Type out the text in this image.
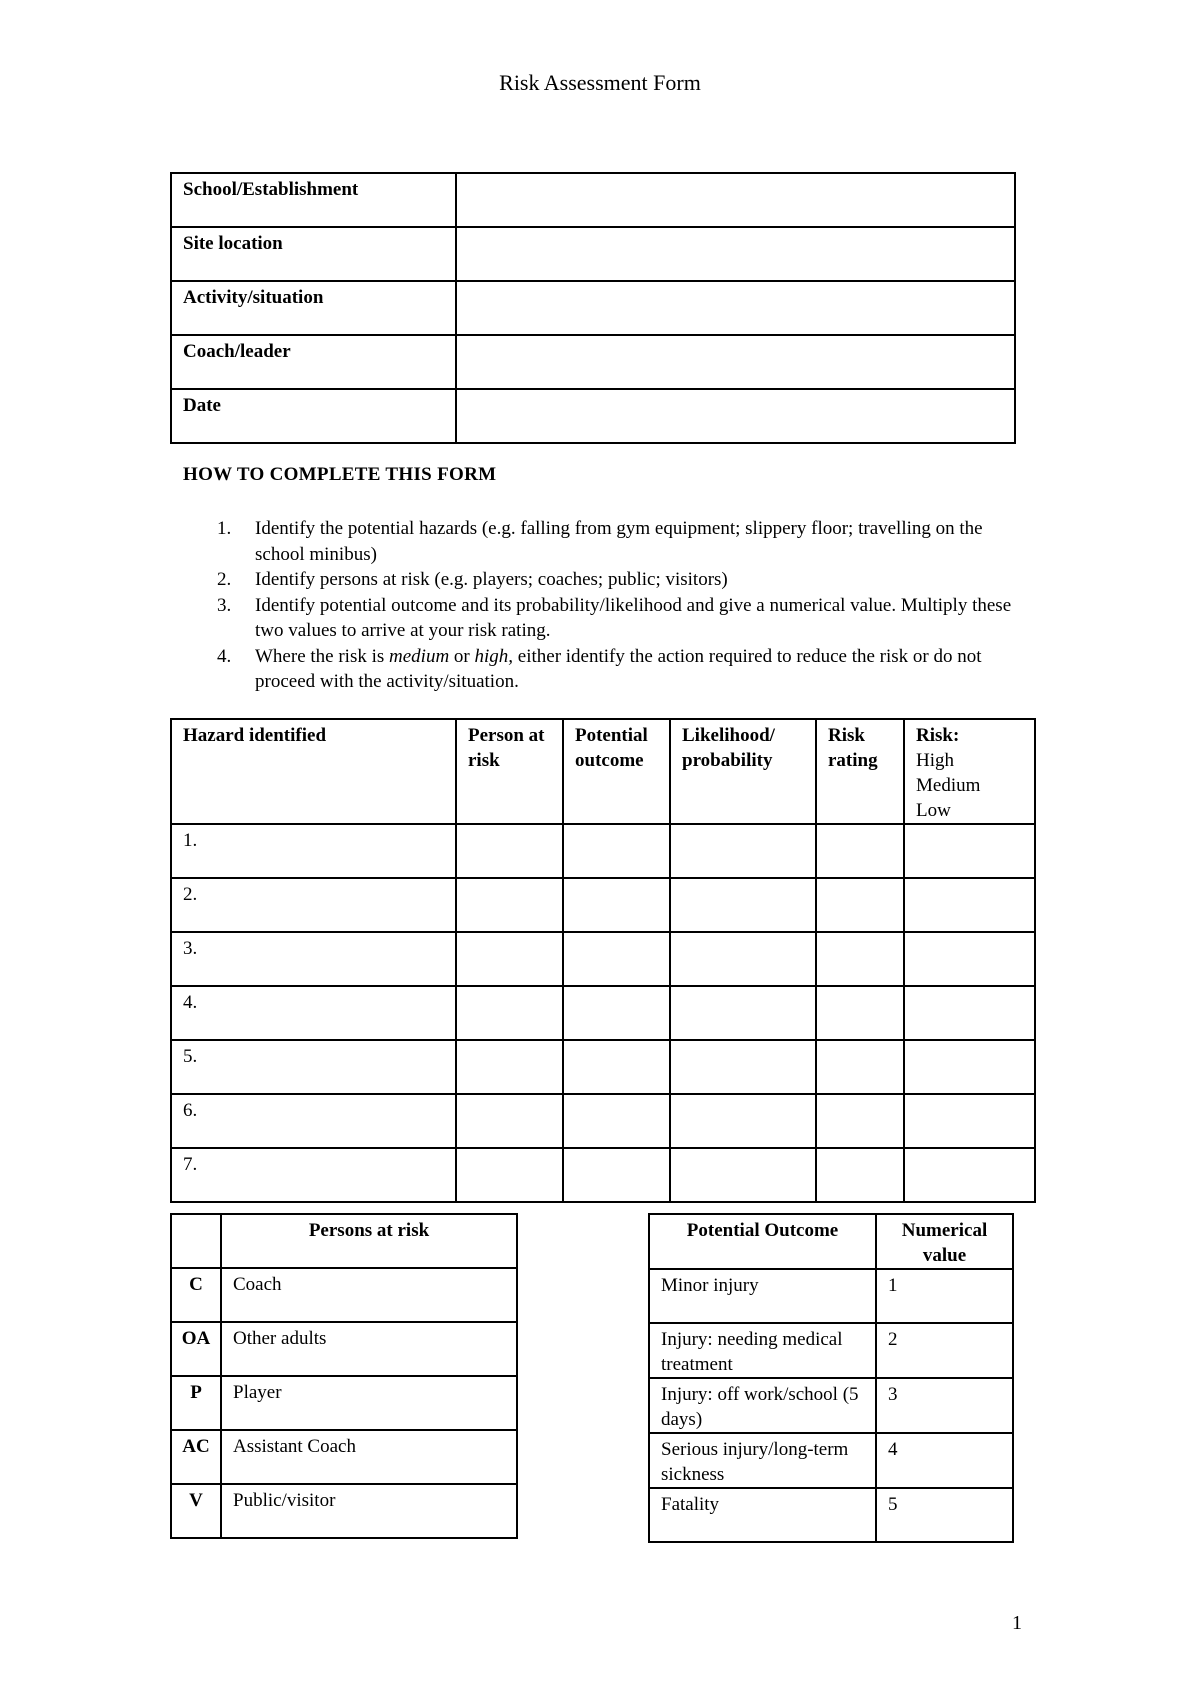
Risk Assessment Form
School/Establishment	
Site location	
Activity/situation	
Coach/leader	
Date	
HOW TO COMPLETE THIS FORM
1. Identify the potential hazards (e.g. falling from gym equipment; slippery floor; travelling on the school minibus)
2. Identify persons at risk (e.g. players; coaches; public; visitors)
3. Identify potential outcome and its probability/likelihood and give a numerical value. Multiply these two values to arrive at your risk rating.
4. Where the risk is medium or high, either identify the action required to reduce the risk or do not proceed with the activity/situation.
Hazard identified	Person at risk	Potential outcome	Likelihood/ probability	Risk rating	Risk:
High
Medium
Low

1.					
2.					
3.					
4.					
5.					
6.					
7.					
	Persons at risk
C	Coach
OA	Other adults
P	Player
AC	Assistant Coach
V	Public/visitor
Potential Outcome	Numerical value
Minor injury	1
Injury: needing medical treatment	2
Injury: off work/school (5 days)	3
Serious injury/long-term sickness	4
Fatality	5
1
